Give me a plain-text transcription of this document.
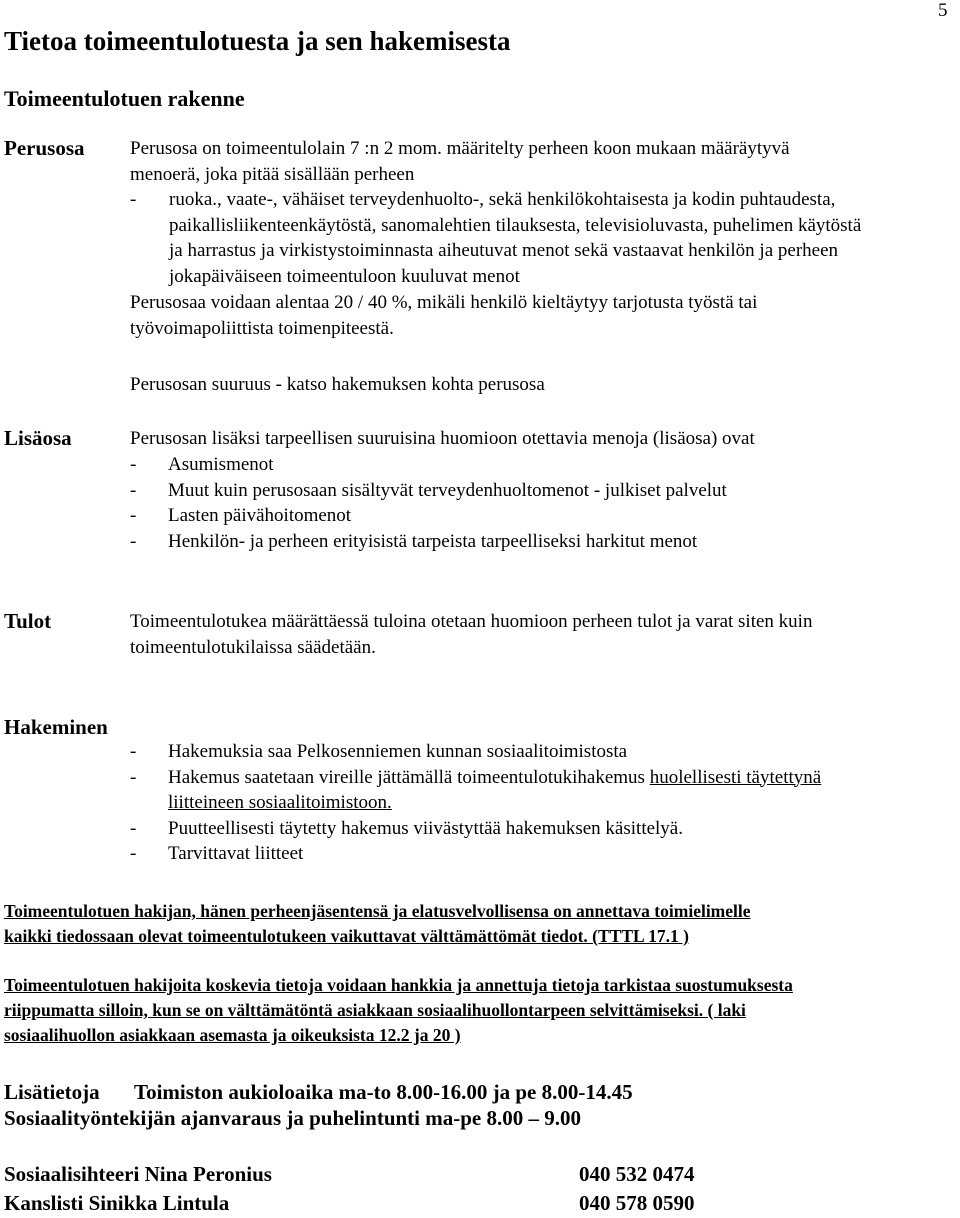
5
Tietoa toimeentulotuesta ja sen hakemisesta
Toimeentulotuen rakenne
Perusosa Perusosa on toimeentulolain 7 :n 2 mom. määritelty perheen koon mukaan määräytyvä
menoerä, joka pitää sisällään perheen
- ruoka., vaate-, vähäiset terveydenhuolto-, sekä henkilökohtaisesta ja kodin puhtaudesta,
paikallisliikenteenkäytöstä, sanomalehtien tilauksesta, televisioluvasta, puhelimen käytöstä
ja harrastus ja virkistystoiminnasta aiheutuvat menot sekä vastaavat henkilön ja perheen
jokapäiväiseen toimeentuloon kuuluvat menot
Perusosaa voidaan alentaa 20 / 40 %, mikäli henkilö kieltäytyy tarjotusta työstä tai
työvoimapoliittista toimenpiteestä.
Perusosan suuruus - katso hakemuksen kohta perusosa
Lisäosa	Perusosan lisäksi tarpeellisen suuruisina huomioon otettavia menoja (lisäosa) ovat
- Asumismenot
- Muut kuin perusosaan sisältyvät terveydenhuoltomenot - julkiset palvelut
- Lasten päivähoitomenot
- Henkilön- ja perheen erityisistä tarpeista tarpeelliseksi harkitut menot
Tulot	Toimeentulotukea määrättäessä tuloina otetaan huomioon perheen tulot ja varat siten kuin
toimeentulotukilaissa säädetään.
Hakeminen
- Hakemuksia saa Pelkosenniemen kunnan sosiaalitoimistosta
- Hakemus saatetaan vireille jättämällä toimeentulotukihakemus huolellisesti täytettynä
liitteineen sosiaalitoimistoon.
- Puutteellisesti täytetty hakemus viivästyttää hakemuksen käsittelyä.
- Tarvittavat liitteet
Toimeentulotuen hakijan, hänen perheenjäsentensä ja elatusvelvollisensa on annettava toimielimelle
kaikki tiedossaan olevat toimeentulotukeen vaikuttavat välttämättömät tiedot. (TTTL 17.1 )
Toimeentulotuen hakijoita koskevia tietoja voidaan hankkia ja annettuja tietoja tarkistaa suostumuksesta
riippumatta silloin, kun se on välttämätöntä asiakkaan sosiaalihuollontarpeen selvittämiseksi. ( laki
sosiaalihuollon asiakkaan asemasta ja oikeuksista 12.2 ja 20 )
Lisätietoja Toimiston aukioloaika ma-to 8.00-16.00 ja pe 8.00-14.45
Sosiaalityöntekijän ajanvaraus ja puhelintunti ma-pe 8.00 – 9.00
Sosiaalisihteeri Nina Peronius	040 532 0474
Kanslisti Sinikka Lintula	040 578 0590
